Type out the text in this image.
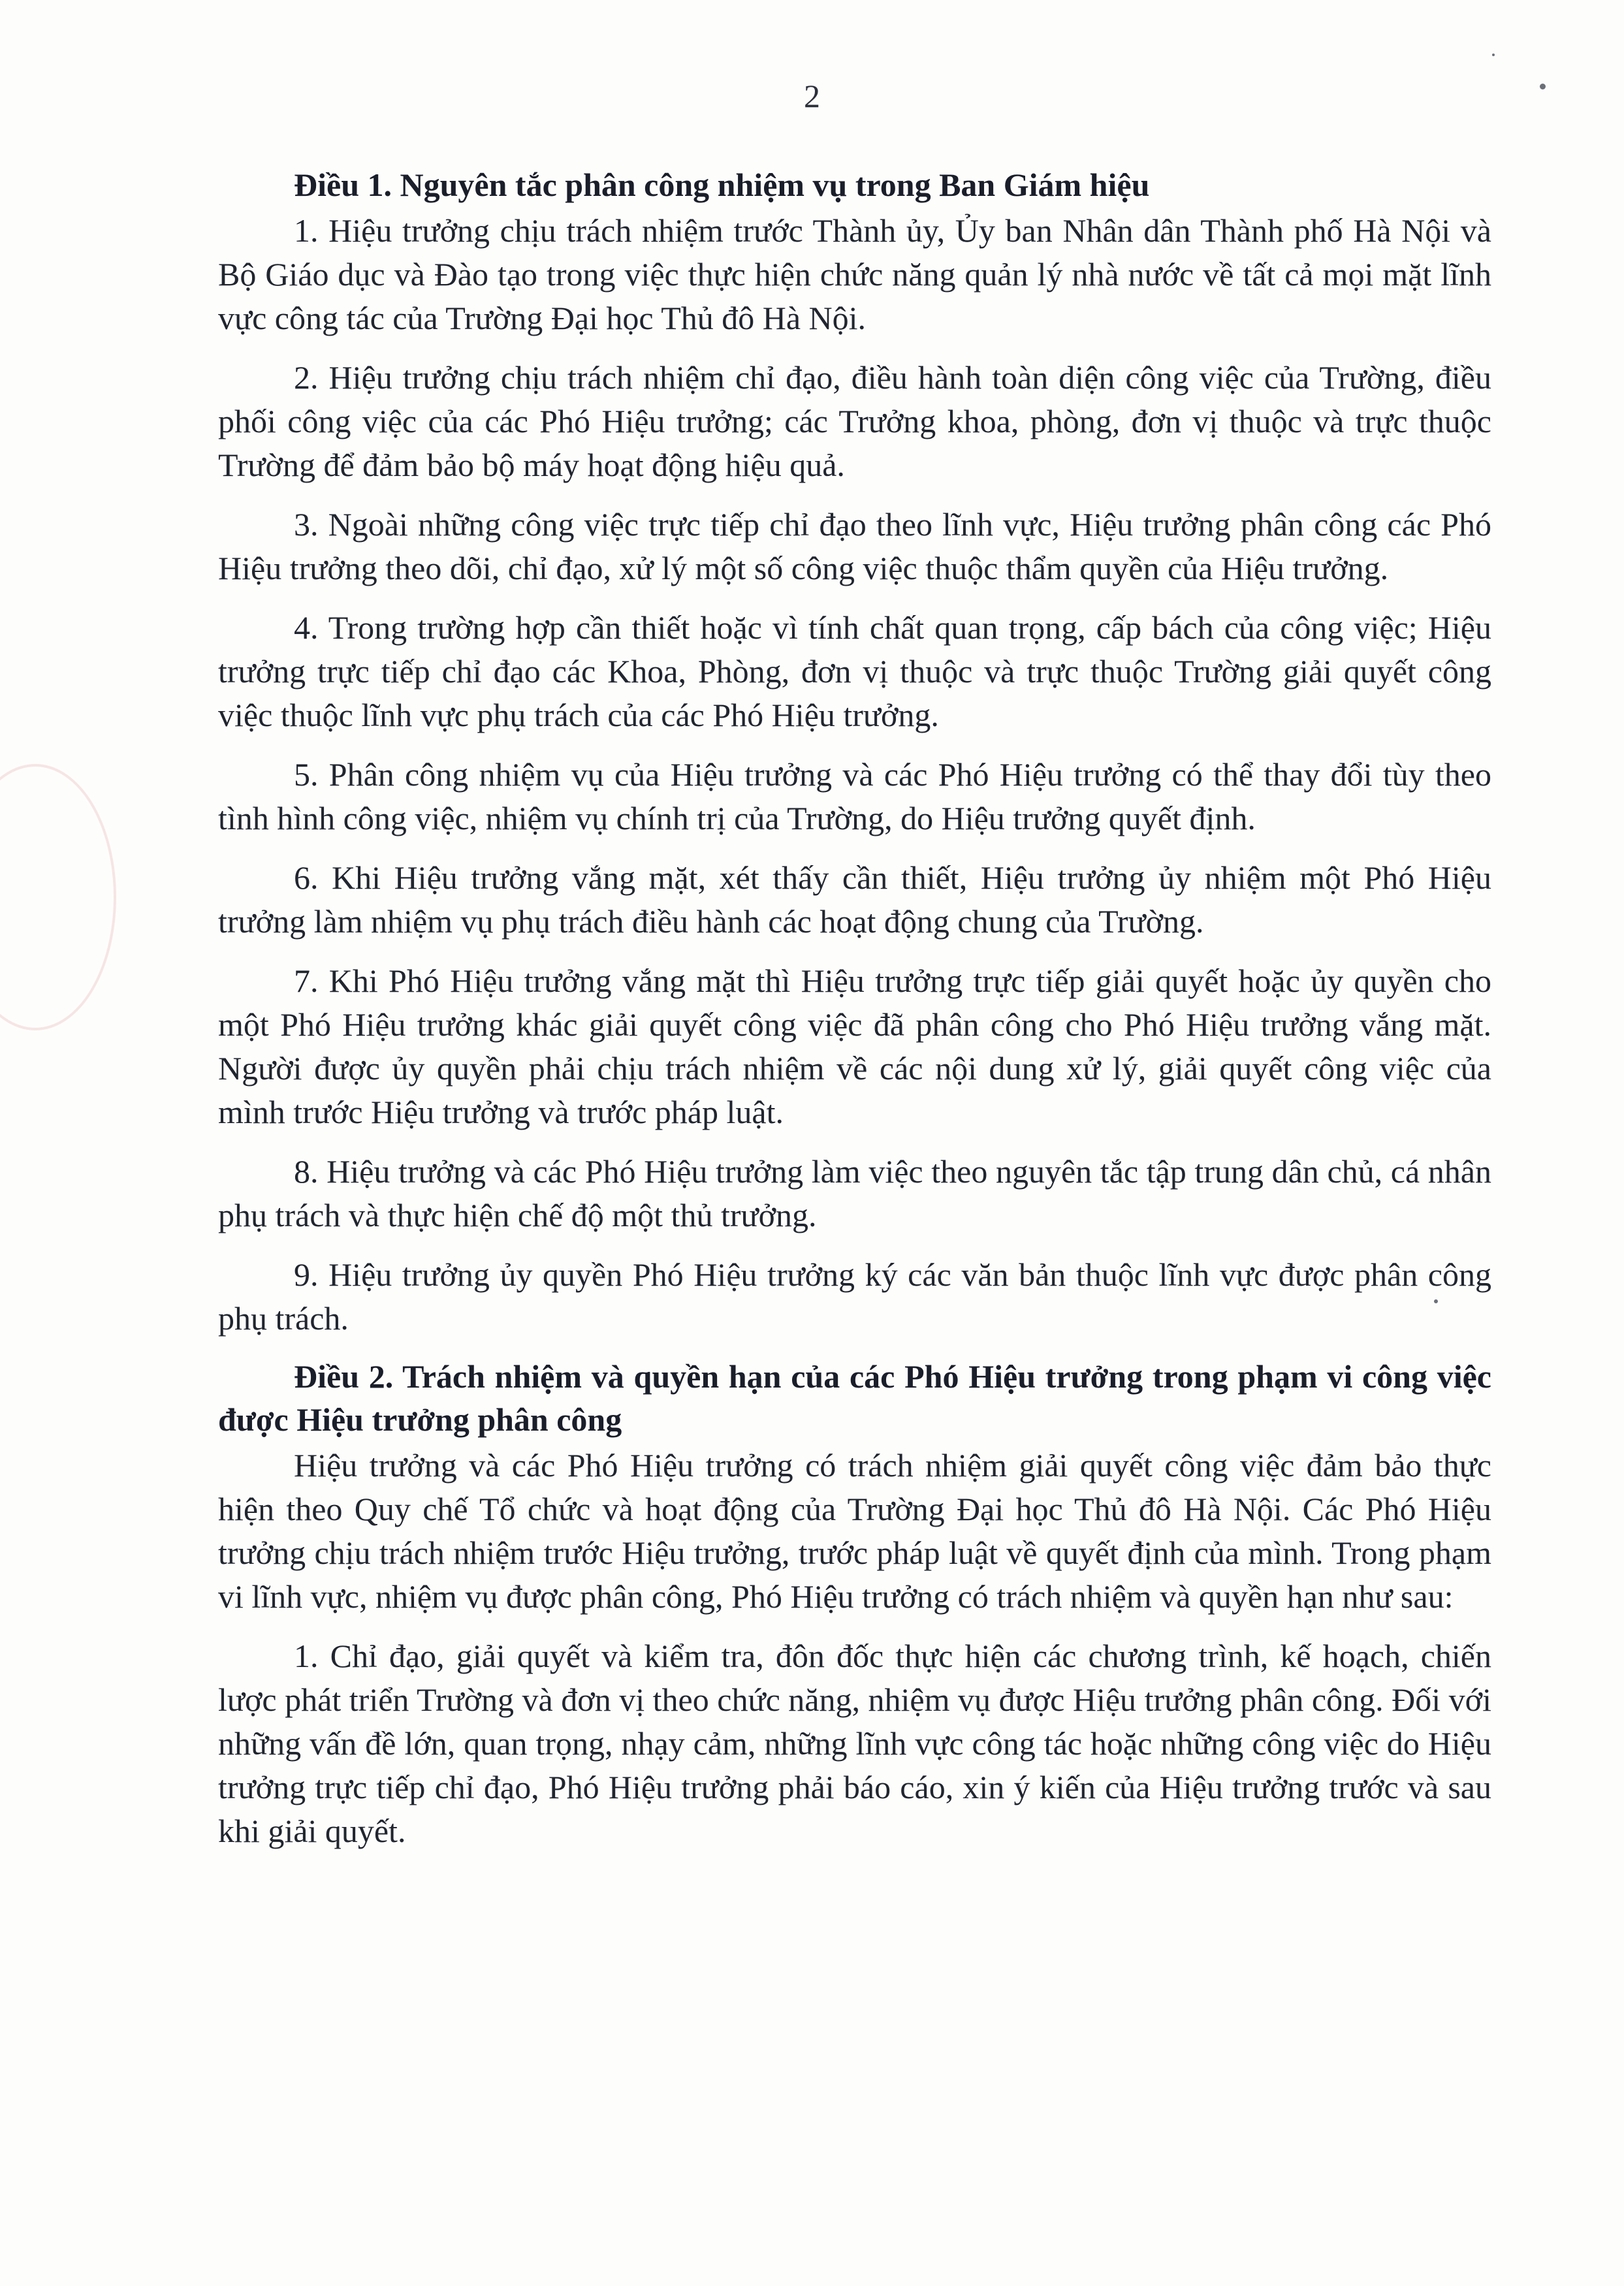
2

Điều 1. Nguyên tắc phân công nhiệm vụ trong Ban Giám hiệu

1. Hiệu trưởng chịu trách nhiệm trước Thành ủy, Ủy ban Nhân dân Thành phố Hà Nội và Bộ Giáo dục và Đào tạo trong việc thực hiện chức năng quản lý nhà nước về tất cả mọi mặt lĩnh vực công tác của Trường Đại học Thủ đô Hà Nội.

2. Hiệu trưởng chịu trách nhiệm chỉ đạo, điều hành toàn diện công việc của Trường, điều phối công việc của các Phó Hiệu trưởng; các Trưởng khoa, phòng, đơn vị thuộc và trực thuộc Trường để đảm bảo bộ máy hoạt động hiệu quả.

3. Ngoài những công việc trực tiếp chỉ đạo theo lĩnh vực, Hiệu trưởng phân công các Phó Hiệu trưởng theo dõi, chỉ đạo, xử lý một số công việc thuộc thẩm quyền của Hiệu trưởng.

4. Trong trường hợp cần thiết hoặc vì tính chất quan trọng, cấp bách của công việc; Hiệu trưởng trực tiếp chỉ đạo các Khoa, Phòng, đơn vị thuộc và trực thuộc Trường giải quyết công việc thuộc lĩnh vực phụ trách của các Phó Hiệu trưởng.

5. Phân công nhiệm vụ của Hiệu trưởng và các Phó Hiệu trưởng có thể thay đổi tùy theo tình hình công việc, nhiệm vụ chính trị của Trường, do Hiệu trưởng quyết định.

6. Khi Hiệu trưởng vắng mặt, xét thấy cần thiết, Hiệu trưởng ủy nhiệm một Phó Hiệu trưởng làm nhiệm vụ phụ trách điều hành các hoạt động chung của Trường.

7. Khi Phó Hiệu trưởng vắng mặt thì Hiệu trưởng trực tiếp giải quyết hoặc ủy quyền cho một Phó Hiệu trưởng khác giải quyết công việc đã phân công cho Phó Hiệu trưởng vắng mặt. Người được ủy quyền phải chịu trách nhiệm về các nội dung xử lý, giải quyết công việc của mình trước Hiệu trưởng và trước pháp luật.

8. Hiệu trưởng và các Phó Hiệu trưởng làm việc theo nguyên tắc tập trung dân chủ, cá nhân phụ trách và thực hiện chế độ một thủ trưởng.

9. Hiệu trưởng ủy quyền Phó Hiệu trưởng ký các văn bản thuộc lĩnh vực được phân công phụ trách.

Điều 2. Trách nhiệm và quyền hạn của các Phó Hiệu trưởng trong phạm vi công việc được Hiệu trưởng phân công

Hiệu trưởng và các Phó Hiệu trưởng có trách nhiệm giải quyết công việc đảm bảo thực hiện theo Quy chế Tổ chức và hoạt động của Trường Đại học Thủ đô Hà Nội. Các Phó Hiệu trưởng chịu trách nhiệm trước Hiệu trưởng, trước pháp luật về quyết định của mình. Trong phạm vi lĩnh vực, nhiệm vụ được phân công, Phó Hiệu trưởng có trách nhiệm và quyền hạn như sau:

1. Chỉ đạo, giải quyết và kiểm tra, đôn đốc thực hiện các chương trình, kế hoạch, chiến lược phát triển Trường và đơn vị theo chức năng, nhiệm vụ được Hiệu trưởng phân công. Đối với những vấn đề lớn, quan trọng, nhạy cảm, những lĩnh vực công tác hoặc những công việc do Hiệu trưởng trực tiếp chỉ đạo, Phó Hiệu trưởng phải báo cáo, xin ý kiến của Hiệu trưởng trước và sau khi giải quyết.
